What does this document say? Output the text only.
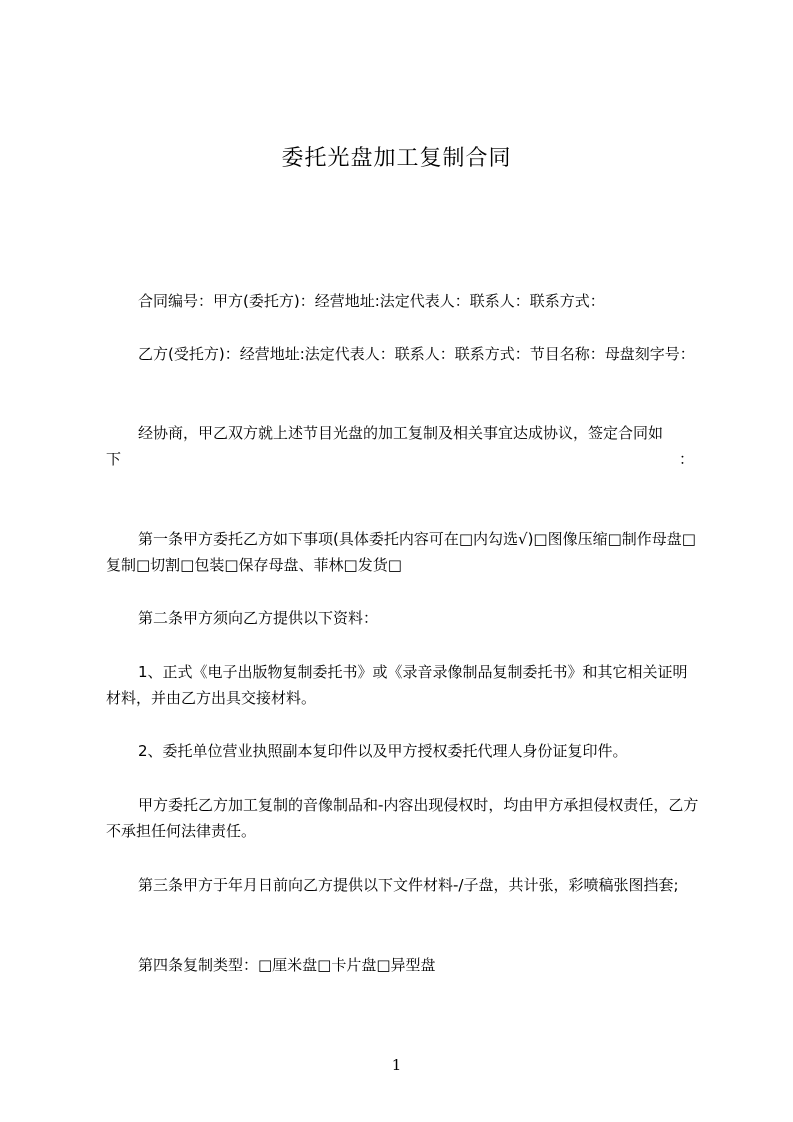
委托光盘加工复制合同

合同编号：甲方(委托方)：经营地址:法定代表人：联系人：联系方式：

乙方(受托方)：经营地址:法定代表人：联系人：联系方式：节目名称：母盘刻字号：

经协商，甲乙双方就上述节目光盘的加工复制及相关事宜达成协议，签定合同如
下	：

第一条甲方委托乙方如下事项(具体委托内容可在□内勾选√)□图像压缩□制作母盘□复制□切割□包装□保存母盘、菲林□发货□

第二条甲方须向乙方提供以下资料：

1、正式《电子出版物复制委托书》或《录音录像制品复制委托书》和其它相关证明材料，并由乙方出具交接材料。

2、委托单位营业执照副本复印件以及甲方授权委托代理人身份证复印件。

甲方委托乙方加工复制的音像制品和-内容出现侵权时，均由甲方承担侵权责任，乙方不承担任何法律责任。

第三条甲方于年月日前向乙方提供以下文件材料-/子盘，共计张，彩喷稿张图挡套;

第四条复制类型：□厘米盘□卡片盘□异型盘

1
